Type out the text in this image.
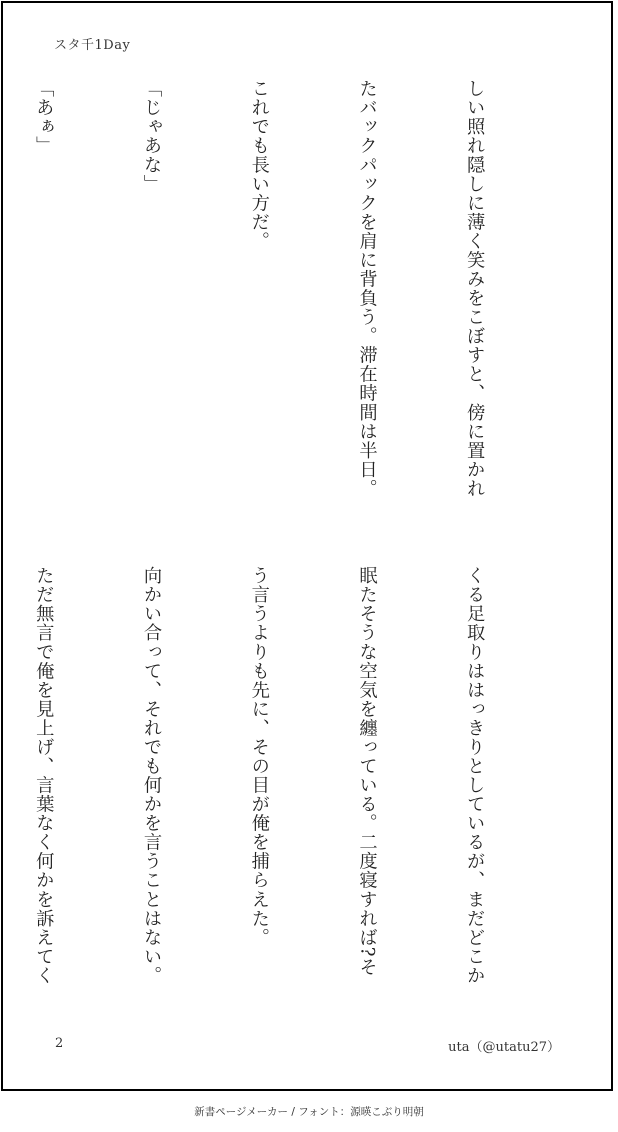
スタ千1Day

しい照れ隠しに薄く笑みをこぼすと、傍に置かれ

たバックパックを肩に背負う。滞在時間は半日。

これでも長い方だ。

「じゃあな」

「あぁ」

くる足取りははっきりとしているが、まだどこか

眠たそうな空気を纏っている。二度寝すれば?そ

う言うよりも先に、その目が俺を捕らえた。

向かい合って、それでも何かを言うことはない。

ただ無言で俺を見上げ、言葉なく何かを訴えてく

2	uta（@utatu27）
新書ページメーカー / フォント：源暎こぶり明朝
